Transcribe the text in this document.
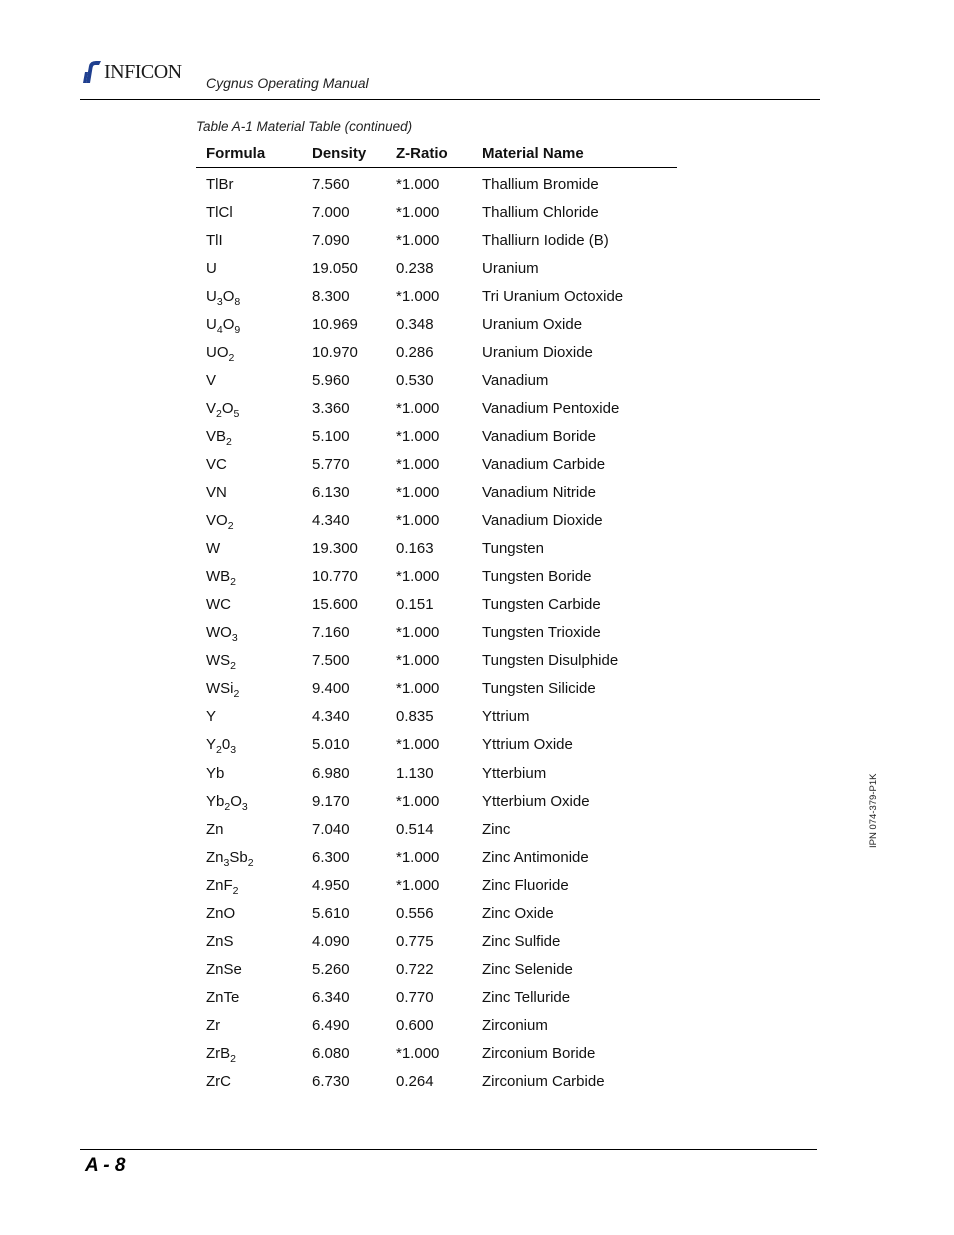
INFICON
Cygnus Operating Manual
Table A-1 Material Table (continued)
Formula	Density	Z-Ratio	Material Name
TlBr	7.560	*1.000	Thallium Bromide
TlCl	7.000	*1.000	Thallium Chloride
TlI	7.090	*1.000	Thalliurn Iodide (B)
U	19.050	0.238	Uranium
$U_3O_8$	8.300	*1.000	Tri Uranium Octoxide
$U_4O_9$	10.969	0.348	Uranium Oxide
$UO_2$	10.970	0.286	Uranium Dioxide
V	5.960	0.530	Vanadium
$V_2O_5$	3.360	*1.000	Vanadium Pentoxide
$VB_2$	5.100	*1.000	Vanadium Boride
VC	5.770	*1.000	Vanadium Carbide
VN	6.130	*1.000	Vanadium Nitride
$VO_2$	4.340	*1.000	Vanadium Dioxide
W	19.300	0.163	Tungsten
$WB_2$	10.770	*1.000	Tungsten Boride
WC	15.600	0.151	Tungsten Carbide
$WO_3$	7.160	*1.000	Tungsten Trioxide
$WS_2$	7.500	*1.000	Tungsten Disulphide
WSi$_2$	9.400	*1.000	Tungsten Silicide
Y	4.340	0.835	Yttrium
$Y_20_3$	5.010	*1.000	Yttrium Oxide
Yb	6.980	1.130	Ytterbium
$Yb_2O_3$	9.170	*1.000	Ytterbium Oxide
Zn	7.040	0.514	Zinc
$Zn_3Sb_2$	6.300	*1.000	Zinc Antimonide
ZnF$_2$	4.950	*1.000	Zinc Fluoride
ZnO	5.610	0.556	Zinc Oxide
ZnS	4.090	0.775	Zinc Sulfide
ZnSe	5.260	0.722	Zinc Selenide
ZnTe	6.340	0.770	Zinc Telluride
Zr	6.490	0.600	Zirconium
ZrB$_2$	6.080	*1.000	Zirconium Boride
ZrC	6.730	0.264	Zirconium Carbide
IPN 074-379-P1K
A - 8
